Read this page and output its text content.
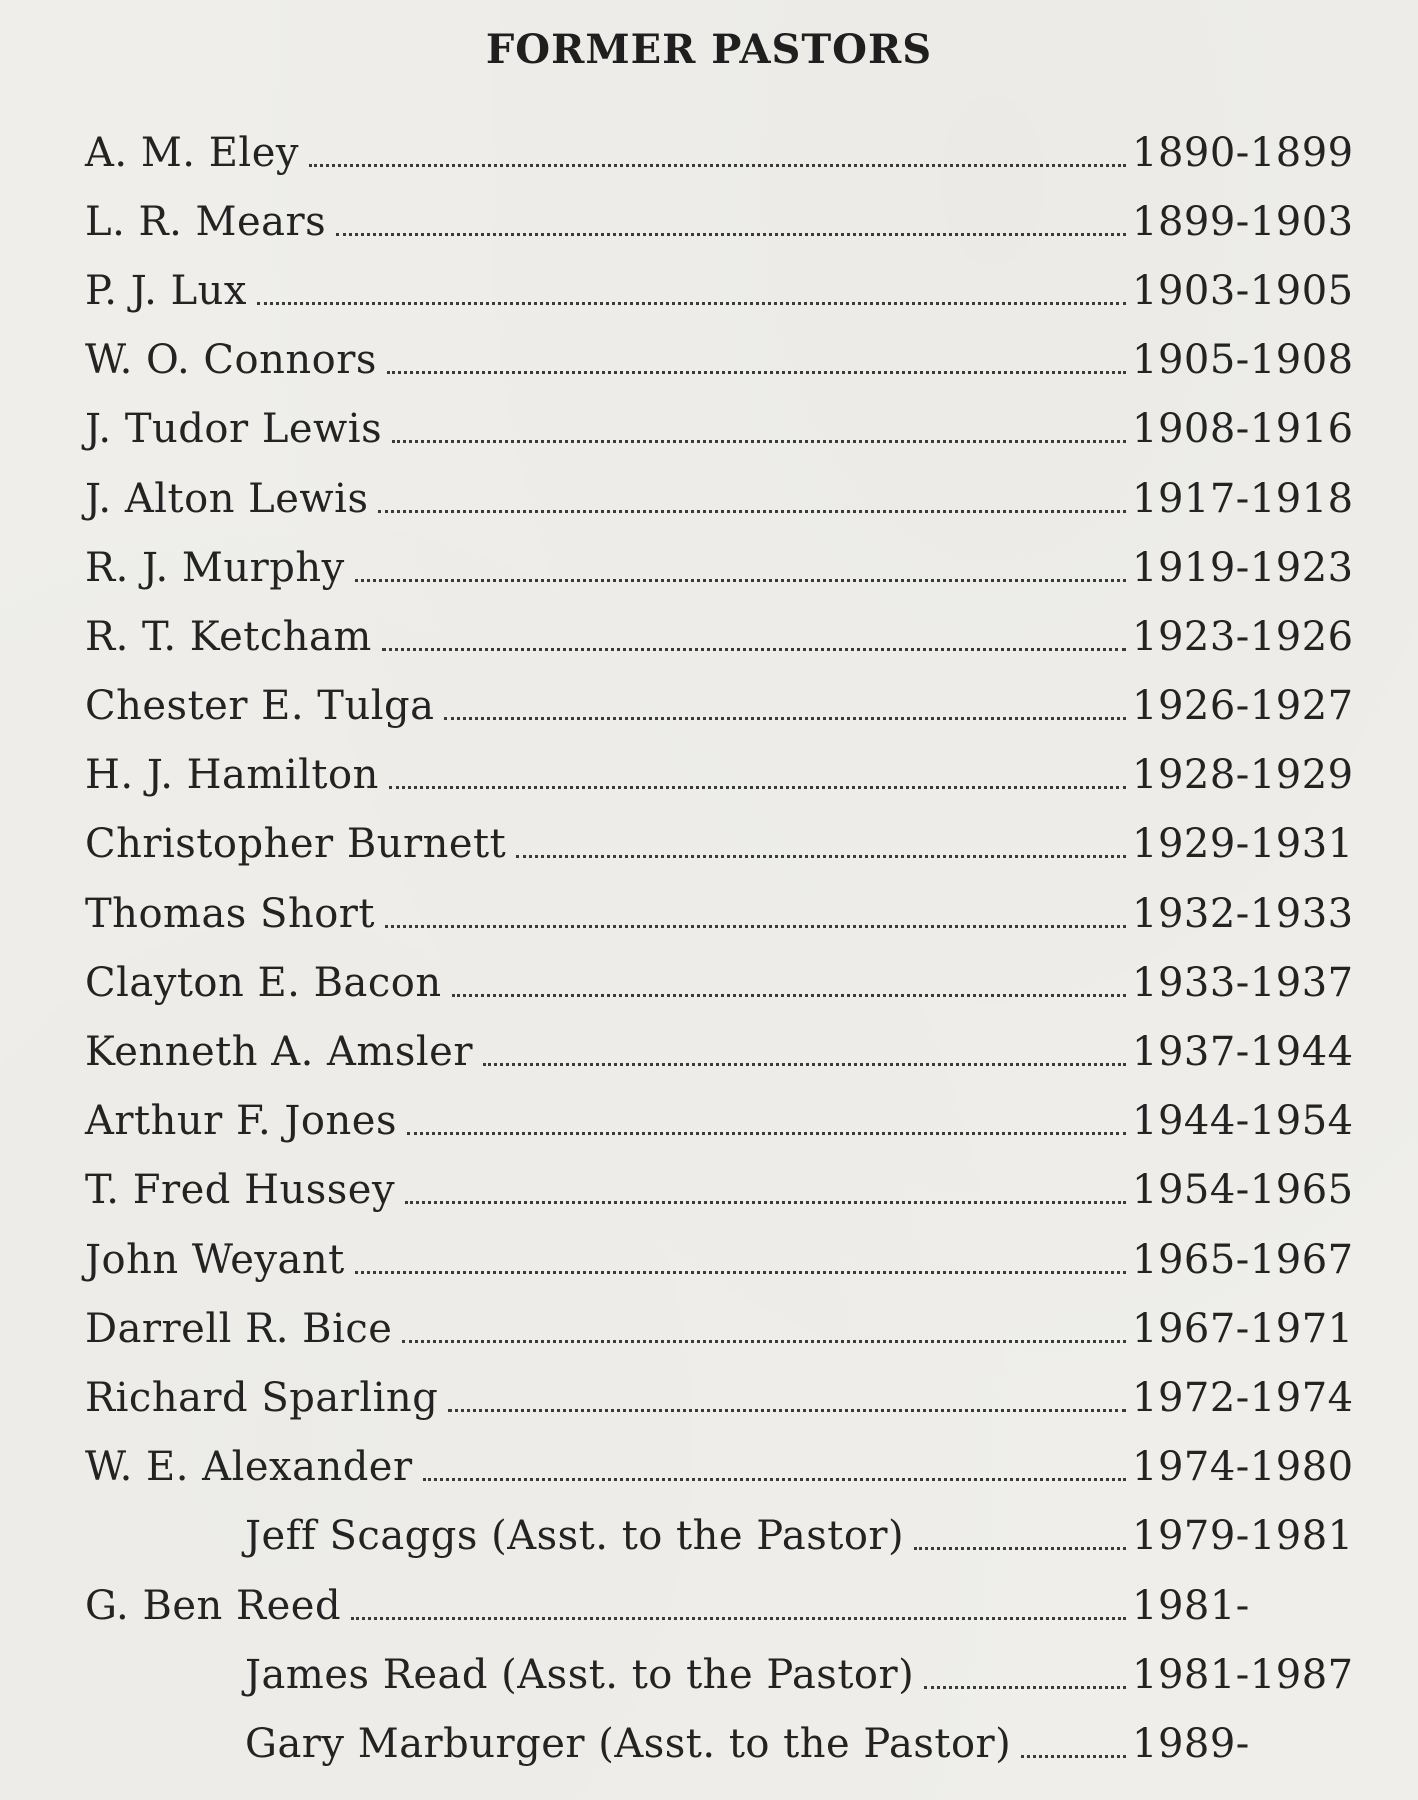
FORMER PASTORS
A. M. Eley	1890-1899
L. R. Mears	1899-1903
P. J. Lux	1903-1905
W. O. Connors	1905-1908
J. Tudor Lewis	1908-1916
J. Alton Lewis	1917-1918
R. J. Murphy	1919-1923
R. T. Ketcham	1923-1926
Chester E. Tulga	1926-1927
H. J. Hamilton	1928-1929
Christopher Burnett	1929-1931
Thomas Short	1932-1933
Clayton E. Bacon	1933-1937
Kenneth A. Amsler	1937-1944
Arthur F. Jones	1944-1954
T. Fred Hussey	1954-1965
John Weyant	1965-1967
Darrell R. Bice	1967-1971
Richard Sparling	1972-1974
W. E. Alexander	1974-1980
Jeff Scaggs (Asst. to the Pastor)	1979-1981
G. Ben Reed	1981-
James Read (Asst. to the Pastor)	1981-1987
Gary Marburger (Asst. to the Pastor)	1989-
